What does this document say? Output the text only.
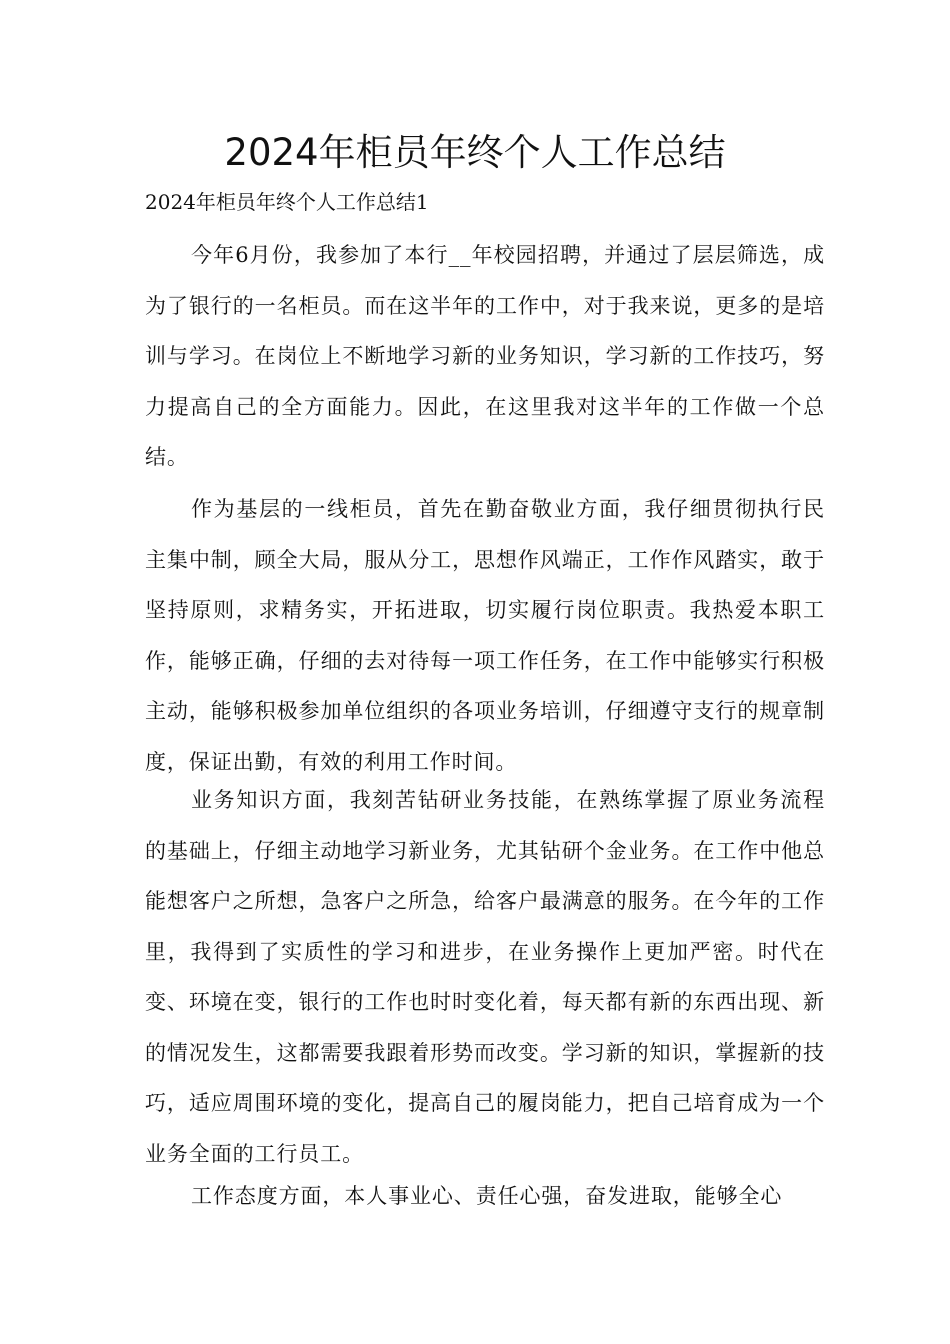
2024年柜员年终个人工作总结
2024年柜员年终个人工作总结1

今年6月份，我参加了本行__年校园招聘，并通过了层层筛选，成为了银行的一名柜员。而在这半年的工作中，对于我来说，更多的是培训与学习。在岗位上不断地学习新的业务知识，学习新的工作技巧，努力提高自己的全方面能力。因此，在这里我对这半年的工作做一个总结。

作为基层的一线柜员，首先在勤奋敬业方面，我仔细贯彻执行民主集中制，顾全大局，服从分工，思想作风端正，工作作风踏实，敢于坚持原则，求精务实，开拓进取，切实履行岗位职责。我热爱本职工作，能够正确，仔细的去对待每一项工作任务，在工作中能够实行积极主动，能够积极参加单位组织的各项业务培训，仔细遵守支行的规章制度，保证出勤，有效的利用工作时间。

业务知识方面，我刻苦钻研业务技能，在熟练掌握了原业务流程的基础上，仔细主动地学习新业务，尤其钻研个金业务。在工作中他总能想客户之所想，急客户之所急，给客户最满意的服务。在今年的工作里，我得到了实质性的学习和进步，在业务操作上更加严密。时代在变、环境在变，银行的工作也时时变化着，每天都有新的东西出现、新的情况发生，这都需要我跟着形势而改变。学习新的知识，掌握新的技巧，适应周围环境的变化，提高自己的履岗能力，把自己培育成为一个业务全面的工行员工。

工作态度方面，本人事业心、责任心强，奋发进取，能够全心
